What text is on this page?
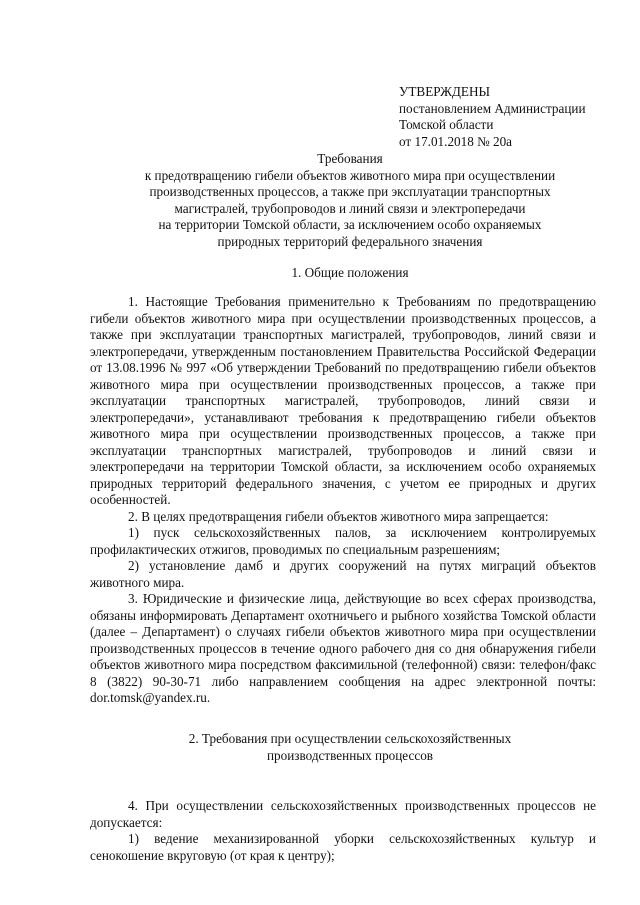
УТВЕРЖДЕНЫ
постановлением Администрации
Томской области
от 17.01.2018 № 20а
Требования
к предотвращению гибели объектов животного мира при осуществлении
производственных процессов, а также при эксплуатации транспортных
магистралей, трубопроводов и линий связи и электропередачи
на территории Томской области, за исключением особо охраняемых
природных территорий федерального значения
1. Общие положения

1. Настоящие Требования применительно к Требованиям по предотвращению гибели объектов животного мира при осуществлении производственных процессов, а также при эксплуатации транспортных магистралей, трубопроводов, линий связи и электропередачи, утвержденным постановлением Правительства Российской Федерации от 13.08.1996 № 997 «Об утверждении Требований по предотвращению гибели объектов животного мира при осуществлении производственных процессов, а также при эксплуатации транспортных магистралей, трубопроводов, линий связи и электропередачи», устанавливают требования к предотвращению гибели объектов животного мира при осуществлении производственных процессов, а также при эксплуатации транспортных магистралей, трубопроводов и линий связи и электропередачи на территории Томской области, за исключением особо охраняемых природных территорий федерального значения, с учетом ее природных и других особенностей.

2. В целях предотвращения гибели объектов животного мира запрещается:

1) пуск сельскохозяйственных палов, за исключением контролируемых профилактических отжигов, проводимых по специальным разрешениям;

2) установление дамб и других сооружений на путях миграций объектов животного мира.

3. Юридические и физические лица, действующие во всех сферах производства, обязаны информировать Департамент охотничьего и рыбного хозяйства Томской области (далее – Департамент) о случаях гибели объектов животного мира при осуществлении производственных процессов в течение одного рабочего дня со дня обнаружения гибели объектов животного мира посредством факсимильной (телефонной) связи: телефон/факс 8 (3822) 90-30-71 либо направлением сообщения на адрес электронной почты: dor.tomsk@yandex.ru.

2. Требования при осуществлении сельскохозяйственных
производственных процессов

4. При осуществлении сельскохозяйственных производственных процессов не допускается:

1) ведение механизированной уборки сельскохозяйственных культур и сенокошение вкруговую (от края к центру);
